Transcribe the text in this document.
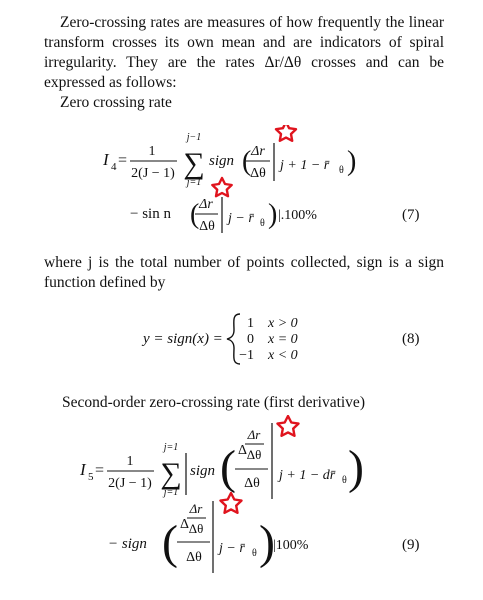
Zero-crossing rates are measures of how frequently the linear transform crosses its own mean and are indicators of spiral irregularity. They are the rates Δr/Δθ crosses and can be expressed as follows:
Zero crossing rate
I 4 =
1
2(J − 1)
j−1
∑
j=1
sign ( Δr
Δθ
j + 1 − r̄ θ )
− sin n ( Δr
Δθ
j − r̄ θ ) |.100%	(7)
where j is the total number of points collected, sign is a sign function defined by
y = sign(x) =
1 x > 0
0 x = 0
−1 x < 0
(8)
Second-order zero-crossing rate (first derivative)
I 5 =
1
2(J − 1)
j=1
∑
j=1
sign ( Δ
Δr
Δθ
Δθ
j + 1 − dr̄ θ )
− sign ( Δ
Δr
Δθ
Δθ
j − r̄ θ )
|100%	(9)
